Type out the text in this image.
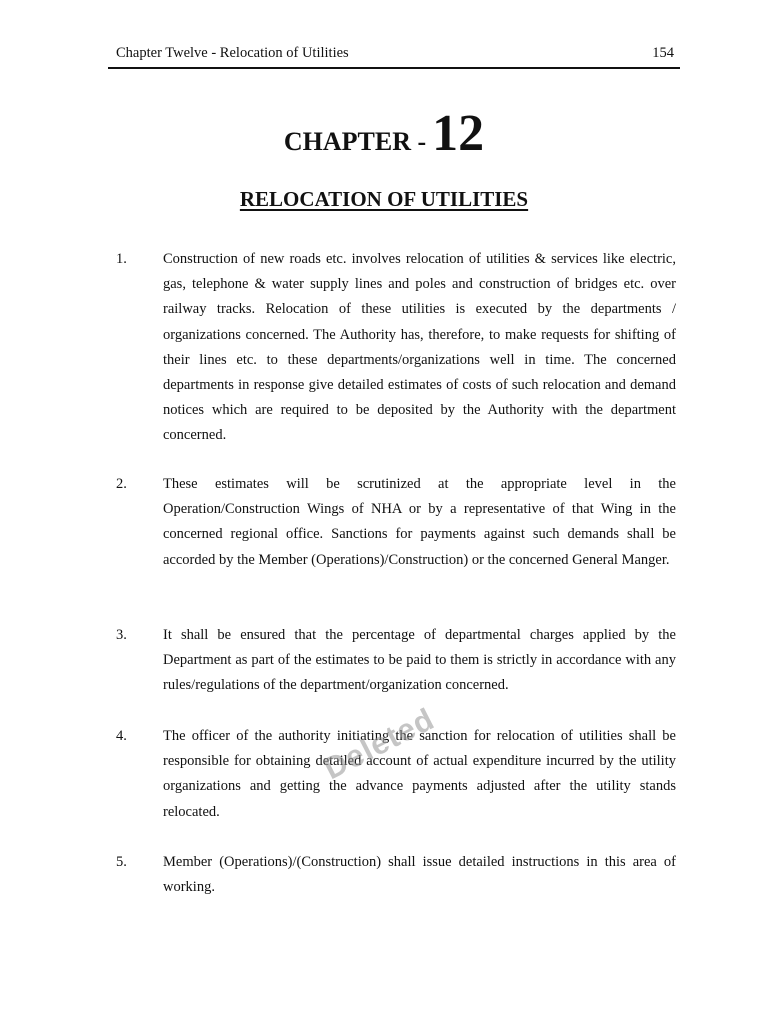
Chapter Twelve - Relocation of Utilities	154
CHAPTER - 12
RELOCATION OF UTILITIES
1. Construction of new roads etc. involves relocation of utilities & services like electric, gas, telephone & water supply lines and poles and construction of bridges etc. over railway tracks. Relocation of these utilities is executed by the departments / organizations concerned. The Authority has, therefore, to make requests for shifting of their lines etc. to these departments/organizations well in time. The concerned departments in response give detailed estimates of costs of such relocation and demand notices which are required to be deposited by the Authority with the department concerned.
2. These estimates will be scrutinized at the appropriate level in the Operation/Construction Wings of NHA or by a representative of that Wing in the concerned regional office. Sanctions for payments against such demands shall be accorded by the Member (Operations)/Construction) or the concerned General Manger.
3. It shall be ensured that the percentage of departmental charges applied by the Department as part of the estimates to be paid to them is strictly in accordance with any rules/regulations of the department/organization concerned.
4. The officer of the authority initiating the sanction for relocation of utilities shall be responsible for obtaining detailed account of actual expenditure incurred by the utility organizations and getting the advance payments adjusted after the utility stands relocated.
5. Member (Operations)/(Construction) shall issue detailed instructions in this area of working.
Deleted
